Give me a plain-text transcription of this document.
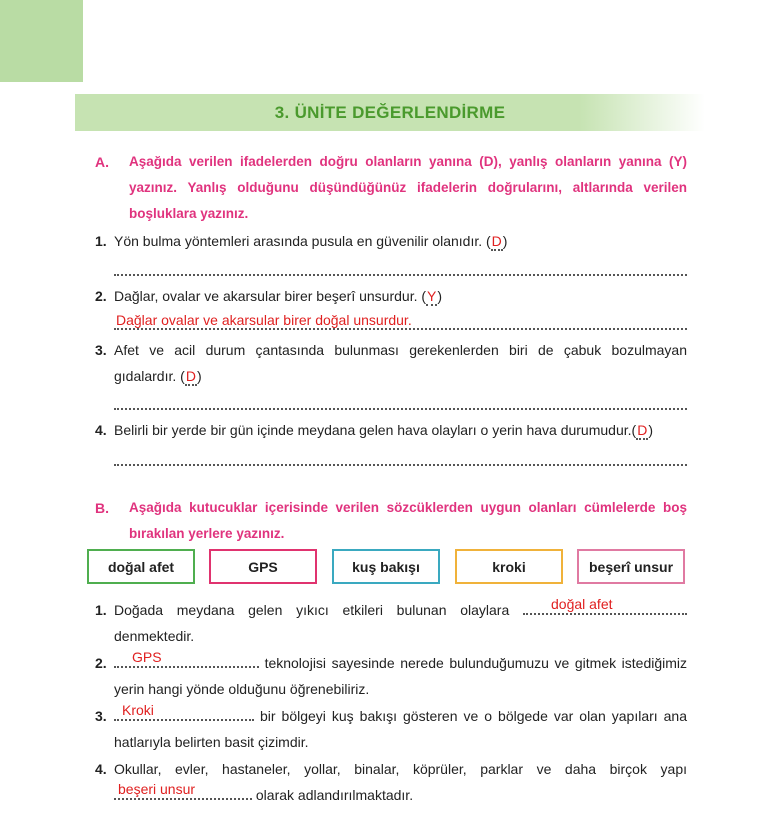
3. ÜNİTE DEĞERLENDİRME
A. Aşağıda verilen ifadelerden doğru olanların yanına (D), yanlış olanların yanına (Y) yazınız. Yanlış olduğunu düşündüğünüz ifadelerin doğrularını, altlarında verilen boşluklara yazınız.
1. Yön bulma yöntemleri arasında pusula en güvenilir olanıdır. (D)
2. Dağlar, ovalar ve akarsular birer beşerî unsurdur. (Y)
Dağlar ovalar ve akarsular birer doğal unsurdur.
3. Afet ve acil durum çantasında bulunması gerekenlerden biri de çabuk bozulmayan gıdalardır. (D)
4. Belirli bir yerde bir gün içinde meydana gelen hava olayları o yerin hava durumudur.(D)
B. Aşağıda kutucuklar içerisinde verilen sözcüklerden uygun olanları cümlelerde boş bırakılan yerlere yazınız.
doğal afet	GPS	kuş bakışı	kroki	beşerî unsur
1. Doğada meydana gelen yıkıcı etkileri bulunan olaylara	doğal afet
denmektedir.
2. GPS	teknolojisi sayesinde nerede bulunduğumuzu ve gitmek istediğimiz yerin hangi yönde olduğunu öğrenebiliriz.
3. Kroki	bir bölgeyi kuş bakışı gösteren ve o bölgede var olan yapıları ana hatlarıyla belirten basit çizimdir.
4. Okullar, evler, hastaneler, yollar, binalar, köprüler, parklar ve daha birçok yapı
beşeri unsur	olarak adlandırılmaktadır.
